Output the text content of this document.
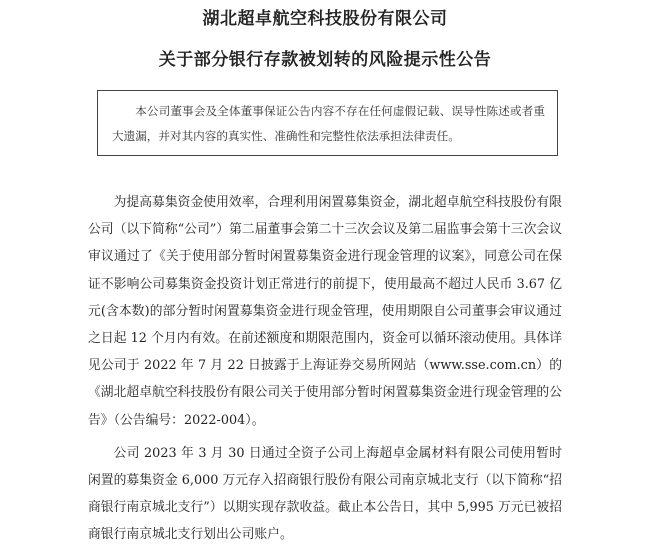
湖北超卓航空科技股份有限公司
关于部分银行存款被划转的风险提示性公告

本公司董事会及全体董事保证公告内容不存在任何虚假记载、误导性陈述或者重大遗漏，并对其内容的真实性、准确性和完整性依法承担法律责任。

为提高募集资金使用效率，合理利用闲置募集资金，湖北超卓航空科技股份有限公司（以下简称“公司”）第二届董事会第二十三次会议及第二届监事会第十三次会议审议通过了《关于使用部分暂时闲置募集资金进行现金管理的议案》，同意公司在保证不影响公司募集资金投资计划正常进行的前提下，使用最高不超过人民币 3.67 亿元(含本数)的部分暂时闲置募集资金进行现金管理，使用期限自公司董事会审议通过之日起 12 个月内有效。在前述额度和期限范围内，资金可以循环滚动使用。具体详见公司于 2022 年 7 月 22 日披露于上海证券交易所网站（www.sse.com.cn）的《湖北超卓航空科技股份有限公司关于使用部分暂时闲置募集资金进行现金管理的公告》（公告编号：2022-004）。

公司 2023 年 3 月 30 日通过全资子公司上海超卓金属材料有限公司使用暂时闲置的募集资金 6,000 万元存入招商银行股份有限公司南京城北支行（以下简称“招商银行南京城北支行”）以期实现存款收益。截止本公告日，其中 5,995 万元已被招商银行南京城北支行划出公司账户。
